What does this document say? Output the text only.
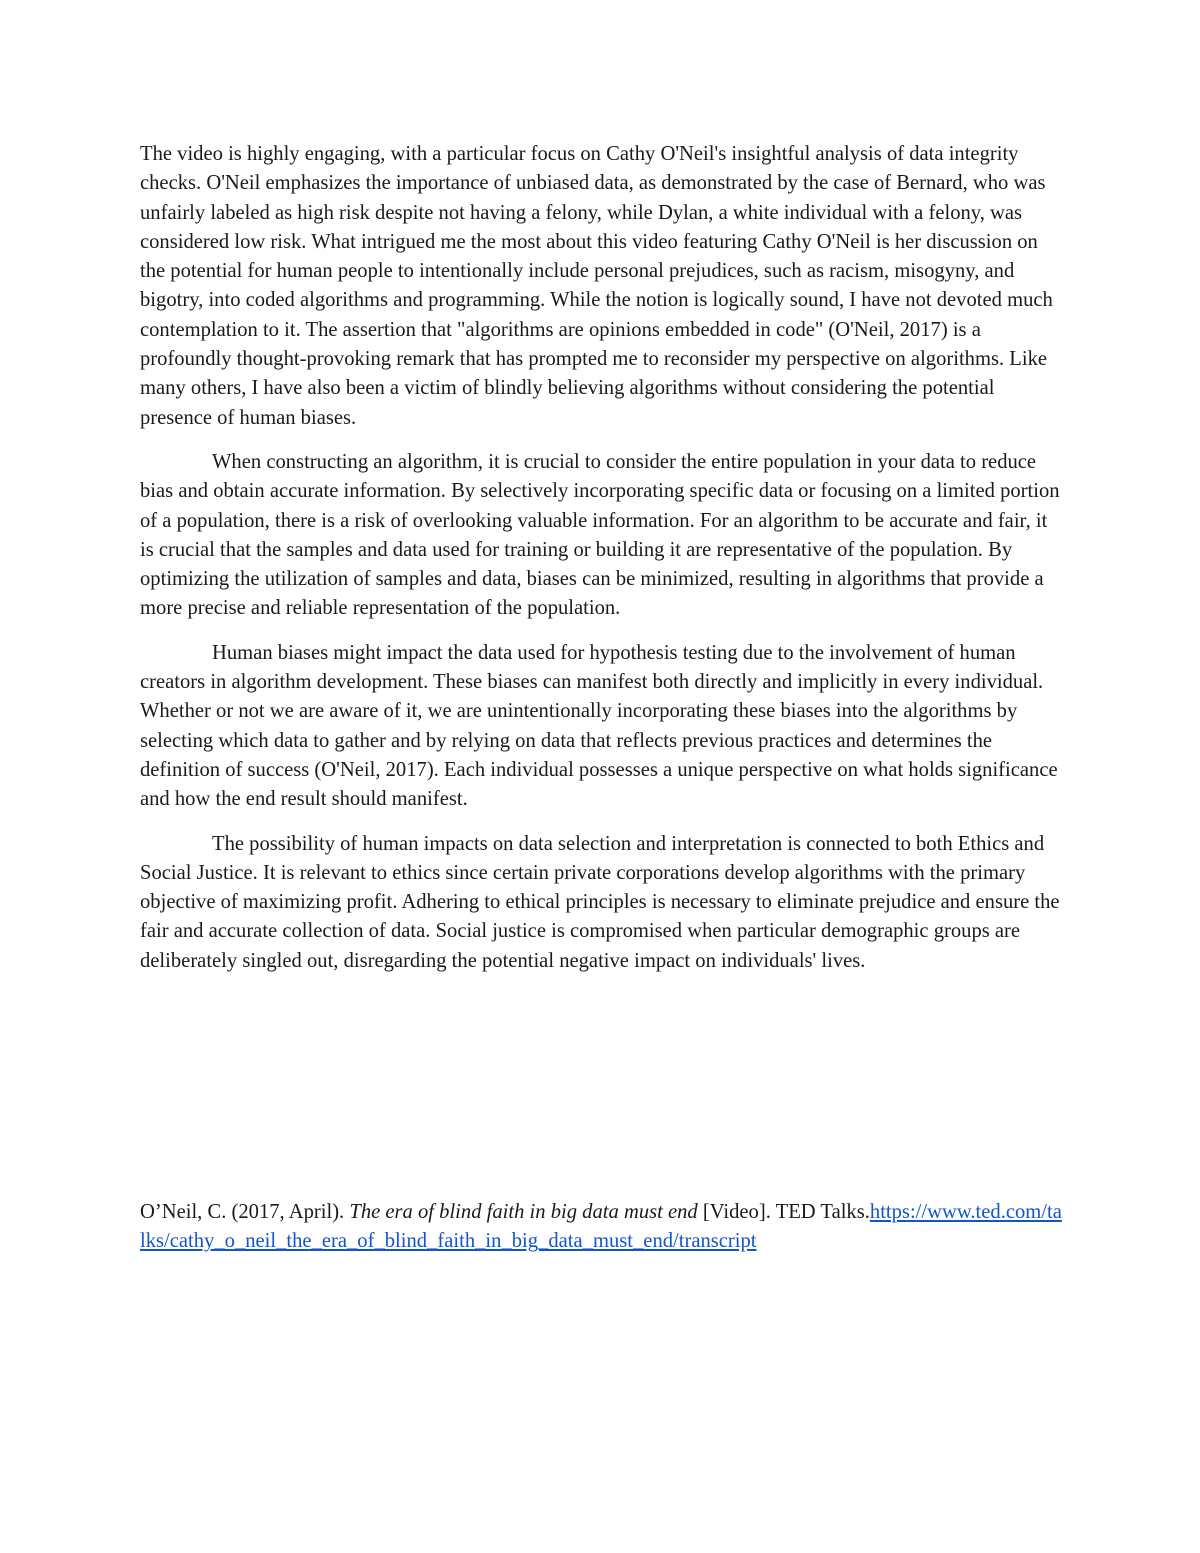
The video is highly engaging, with a particular focus on Cathy O'Neil's insightful analysis of data integrity checks. O'Neil emphasizes the importance of unbiased data, as demonstrated by the case of Bernard, who was unfairly labeled as high risk despite not having a felony, while Dylan, a white individual with a felony, was considered low risk. What intrigued me the most about this video featuring Cathy O'Neil is her discussion on the potential for human people to intentionally include personal prejudices, such as racism, misogyny, and bigotry, into coded algorithms and programming. While the notion is logically sound, I have not devoted much contemplation to it. The assertion that "algorithms are opinions embedded in code" (O'Neil, 2017) is a profoundly thought-provoking remark that has prompted me to reconsider my perspective on algorithms. Like many others, I have also been a victim of blindly believing algorithms without considering the potential presence of human biases.

When constructing an algorithm, it is crucial to consider the entire population in your data to reduce bias and obtain accurate information. By selectively incorporating specific data or focusing on a limited portion of a population, there is a risk of overlooking valuable information. For an algorithm to be accurate and fair, it is crucial that the samples and data used for training or building it are representative of the population. By optimizing the utilization of samples and data, biases can be minimized, resulting in algorithms that provide a more precise and reliable representation of the population.

Human biases might impact the data used for hypothesis testing due to the involvement of human creators in algorithm development. These biases can manifest both directly and implicitly in every individual. Whether or not we are aware of it, we are unintentionally incorporating these biases into the algorithms by selecting which data to gather and by relying on data that reflects previous practices and determines the definition of success (O'Neil, 2017). Each individual possesses a unique perspective on what holds significance and how the end result should manifest.

The possibility of human impacts on data selection and interpretation is connected to both Ethics and Social Justice. It is relevant to ethics since certain private corporations develop algorithms with the primary objective of maximizing profit. Adhering to ethical principles is necessary to eliminate prejudice and ensure the fair and accurate collection of data. Social justice is compromised when particular demographic groups are deliberately singled out, disregarding the potential negative impact on individuals' lives.

O’Neil, C. (2017, April). The era of blind faith in big data must end [Video]. TED Talks.https://www.ted.com/talks/cathy_o_neil_the_era_of_blind_faith_in_big_data_must_end/transcript
